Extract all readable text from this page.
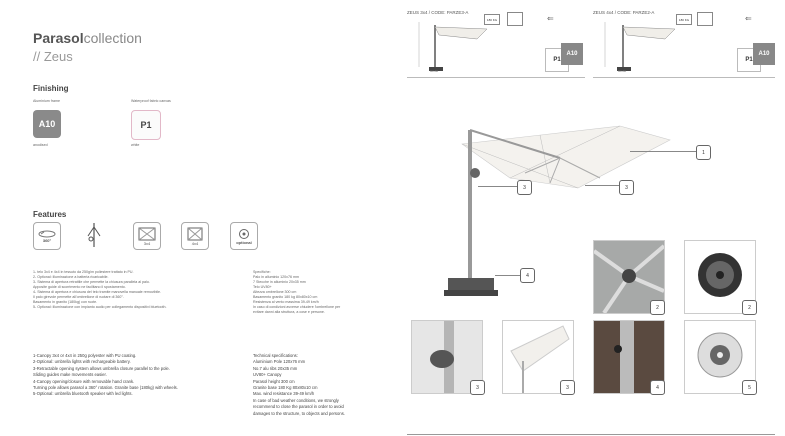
Parasolcollection
// Zeus
Finishing
Aluminium frame	Waterproof fabric canvas
A10	P1
anodised	white
Features
360°
3x4	4x4	optional
1- telo 3x4 e 4x4 in tessuto da 250g/m poliestere trattato in PU.
2- Optional: illuminazione a batteria ricaricabile.
3- Sistema di apertura retrattile che permette la chiusura parallela al palo.
Apposite guide di scorrimento ne facilitano il spostamento.
4- Sistema di apertura e chiusura del telo tramite manovella manuale removibile.
Il palo girevole permette all'ombrellone di ruotare di 360°.
Basamento in granito (180kg) con ruote.
5- Optional: illuminazione con impianto audio per collegamento dispositivi bluetooth.
Specifiche:
Palo in alluminio 120x76 mm
7 Stecche in alluminio 20x35 mm
Telo UV80+
Altezza ombrellone 300 cm
Basamento granito 180 kg 80x80x10 cm
Resistenza al vento massima 39-49 km/h
In caso di condizioni avverse chiudere l'ombrellone per
evitare danni alla struttura, a cose e persone.
1-Canopy 3x4 or 4x4 in 250g polyester with PU coating.
2-Optional: umbrella lights with rechargeable battery.
3-Retractable opening system allows umbrella closure parallel to the pole.
Sliding guides make movements easier.
4-Canopy opening/closure with removable hand crank.
Turning pole allows parasol a 360° rotation. Granite base (180kg) with wheels.
5-Optional: umbrella bluetooth speaker with led lights.
Technical specifications:
Aluminium Pole 120x76 mm
No.7 alu ribs 20x35 mm
UV80+ Canopy
Parasol height 300 cm
Granite base 180 Kg 80x80x10 cm
Max. wind resistance 39-49 km/h
In case of bad weather conditions, we strongly
recommend to close the parasol in order to avoid
damages to the structure, to objects and persons.
ZEUS 3x4 / CODE: PARZE3-A
180 KG	⇐
P1
A10
80x80
ZEUS 4x4 / CODE: PARZE2-A
180 KG	⇐
P1
A10
80x80
1
3	3
4
2	2
3	3	4	5
